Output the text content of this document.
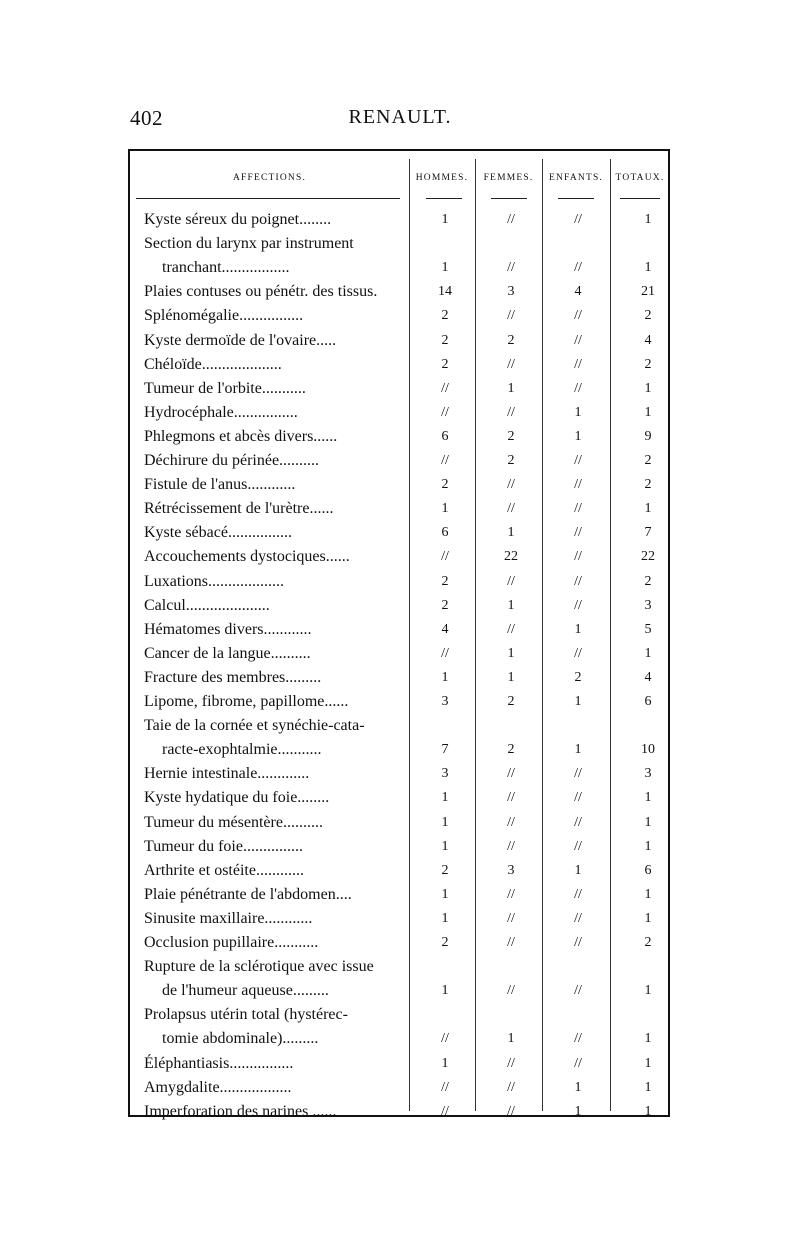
402	RENAULT.
AFFECTIONS.	HOMMES.	FEMMES.	ENFANTS.	TOTAUX.
Kyste séreux du poignet........	1	//	//	1
Section du larynx par instrument
tranchant.................	1	//	//	1
Plaies contuses ou pénétr. des tissus.	14	3	4	21
Splénomégalie................	2	//	//	2
Kyste dermoïde de l'ovaire.....	2	2	//	4
Chéloïde....................	2	//	//	2
Tumeur de l'orbite...........	//	1	//	1
Hydrocéphale................	//	//	1	1
Phlegmons et abcès divers......	6	2	1	9
Déchirure du périnée..........	//	2	//	2
Fistule de l'anus............	2	//	//	2
Rétrécissement de l'urètre......	1	//	//	1
Kyste sébacé................	6	1	//	7
Accouchements dystociques......	//	22	//	22
Luxations...................	2	//	//	2
Calcul.....................	2	1	//	3
Hématomes divers............	4	//	1	5
Cancer de la langue..........	//	1	//	1
Fracture des membres.........	1	1	2	4
Lipome, fibrome, papillome......	3	2	1	6
Taie de la cornée et synéchie-cata-
racte-exophtalmie...........	7	2	1	10
Hernie intestinale.............	3	//	//	3
Kyste hydatique du foie........	1	//	//	1
Tumeur du mésentère..........	1	//	//	1
Tumeur du foie...............	1	//	//	1
Arthrite et ostéite............	2	3	1	6
Plaie pénétrante de l'abdomen....	1	//	//	1
Sinusite maxillaire............	1	//	//	1
Occlusion pupillaire...........	2	//	//	2
Rupture de la sclérotique avec issue
de l'humeur aqueuse.........	1	//	//	1
Prolapsus utérin total (hystérec-
tomie abdominale).........	//	1	//	1
Éléphantiasis................	1	//	//	1
Amygdalite..................	//	//	1	1
Imperforation des narines ......	//	//	1	1
